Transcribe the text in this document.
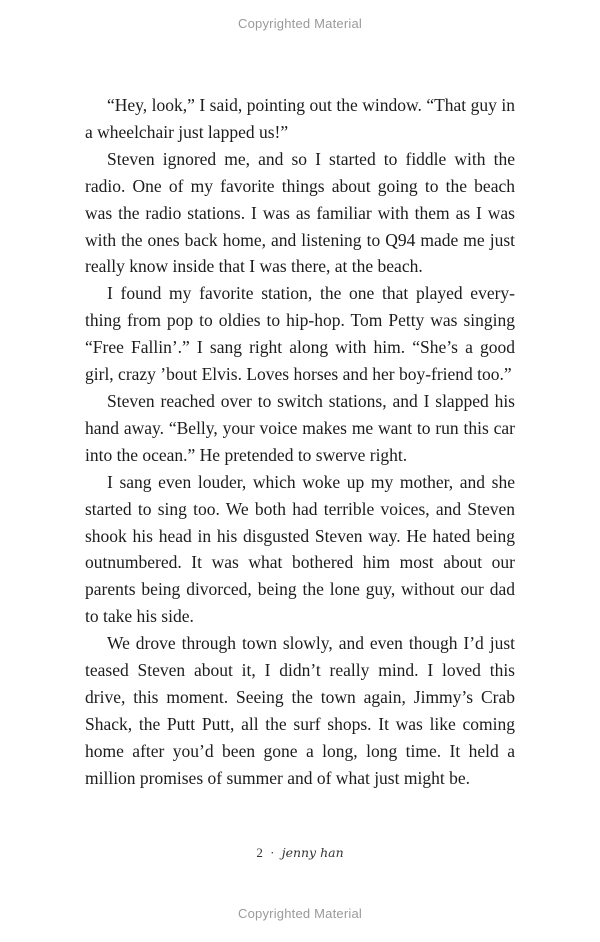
Copyrighted Material

“Hey, look,” I said, pointing out the window. “That guy in a wheelchair just lapped us!”

Steven ignored me, and so I started to fiddle with the radio. One of my favorite things about going to the beach was the radio stations. I was as familiar with them as I was with the ones back home, and listening to Q94 made me just really know inside that I was there, at the beach.

I found my favorite station, the one that played every-thing from pop to oldies to hip-hop. Tom Petty was singing “Free Fallin’.” I sang right along with him. “She’s a good girl, crazy ’bout Elvis. Loves horses and her boy-friend too.”

Steven reached over to switch stations, and I slapped his hand away. “Belly, your voice makes me want to run this car into the ocean.” He pretended to swerve right.

I sang even louder, which woke up my mother, and she started to sing too. We both had terrible voices, and Steven shook his head in his disgusted Steven way. He hated being outnumbered. It was what bothered him most about our parents being divorced, being the lone guy, without our dad to take his side.

We drove through town slowly, and even though I’d just teased Steven about it, I didn’t really mind. I loved this drive, this moment. Seeing the town again, Jimmy’s Crab Shack, the Putt Putt, all the surf shops. It was like coming home after you’d been gone a long, long time. It held a million promises of summer and of what just might be.

2 · jenny han
Copyrighted Material
